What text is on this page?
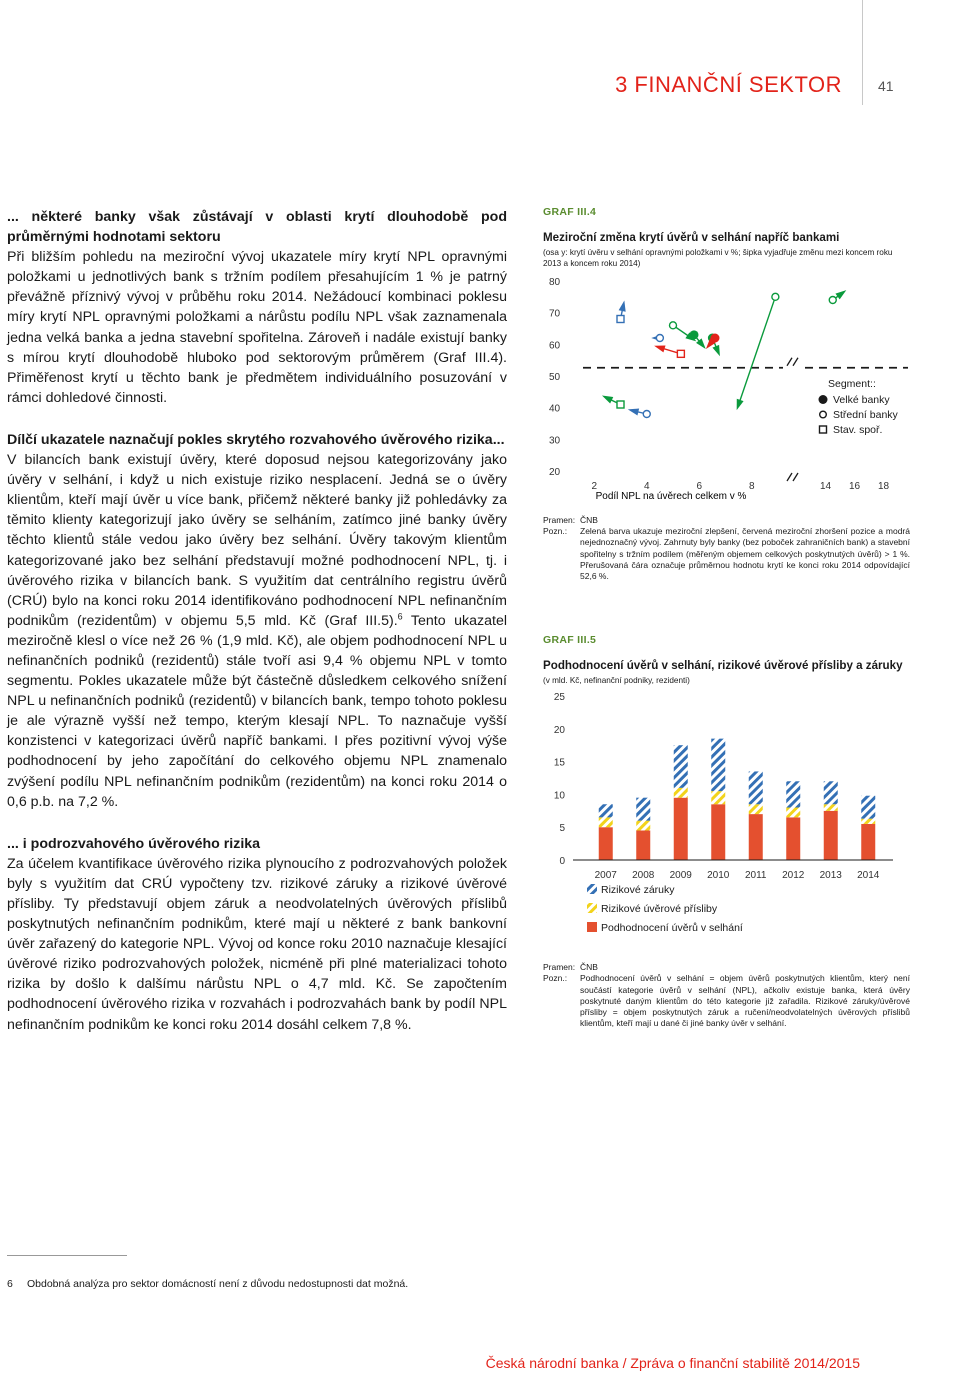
3 FINANČNÍ SEKTOR	41

... některé banky však zůstávají v oblasti krytí dlouhodobě pod průměrnými hodnotami sektoru

Při bližším pohledu na meziroční vývoj ukazatele míry krytí NPL opravnými položkami u jednotlivých bank s tržním podílem přesahujícím 1 % je patrný převážně příznivý vývoj v průběhu roku 2014. Nežádoucí kombinaci poklesu míry krytí NPL opravnými položkami a nárůstu podílu NPL však zaznamenala jedna velká banka a jedna stavební spořitelna. Zároveň i nadále existují banky s mírou krytí dlouhodobě hluboko pod sektorovým průměrem (Graf III.4). Přiměřenost krytí u těchto bank je předmětem individuálního posuzování v rámci dohledové činnosti.

Dílčí ukazatele naznačují pokles skrytého rozvahového úvěrového rizika...

V bilancích bank existují úvěry, které doposud nejsou kategorizovány jako úvěry v selhání, i když u nich existuje riziko nesplacení. Jedná se o úvěry klientům, kteří mají úvěr u více bank, přičemž některé banky již pohledávky za těmito klienty kategorizují jako úvěry se selháním, zatímco jiné banky úvěry těchto klientů stále vedou jako úvěry bez selhání. Úvěry takovým klientům kategorizované jako bez selhání představují možné podhodnocení NPL, tj. i úvěrového rizika v bilancích bank. S využitím dat centrálního registru úvěrů (CRÚ) bylo na konci roku 2014 identifikováno podhodnocení NPL nefinančním podnikům (rezidentům) v objemu 5,5 mld. Kč (Graf III.5).$^6$ Tento ukazatel meziročně klesl o více než 26 % (1,9 mld. Kč), ale objem podhodnocení NPL u nefinančních podniků (rezidentů) stále tvoří asi 9,4 % objemu NPL v tomto segmentu. Pokles ukazatele může být částečně důsledkem celkového snížení NPL u nefinančních podniků (rezidentů) v bilancích bank, tempo tohoto poklesu je ale výrazně vyšší než tempo, kterým klesají NPL. To naznačuje vyšší konzistenci v kategorizaci úvěrů napříč bankami. I přes pozitivní vývoj výše podhodnocení by jeho započítání do celkového objemu NPL znamenalo zvýšení podílu NPL nefinančním podnikům (rezidentům) na konci roku 2014 o 0,6 p.b. na 7,2 %.

... i podrozvahového úvěrového rizika

Za účelem kvantifikace úvěrového rizika plynoucího z podrozvahových položek byly s využitím dat CRÚ vypočteny tzv. rizikové záruky a rizikové úvěrové přísliby. Ty představují objem záruk a neodvolatelných úvěrových příslibů poskytnutých nefinančním podnikům, které mají u některé z bank bankovní úvěr zařazený do kategorie NPL. Vývoj od konce roku 2010 naznačuje klesající úvěrové riziko podrozvahových položek, nicméně při plné materializaci tohoto rizika by došlo k dalšímu nárůstu NPL o 4,7 mld. Kč. Se započtením podhodnocení úvěrového rizika v rozvahách i podrozvahách bank by podíl NPL nefinančním podnikům ke konci roku 2014 dosáhl celkem 7,8 %.

GRAF III.4
Meziroční změna krytí úvěrů v selhání napříč bankami
(osa y: krytí úvěru v selhání opravnými položkami v %; šipka vyjadřuje změnu mezi koncem roku 2013 a koncem roku 2014)
20
30
40
50
60
70
80
2	4	6	8	14 16 18
Segment::
Velké banky
Střední banky
Stav. spoř.
Podíl NPL na úvěrech celkem v %
Pramen:	ČNB
Pozn.:	Zelená barva ukazuje meziroční zlepšení, červená meziroční zhoršení pozice a modrá nejednoznačný vývoj. Zahrnuty byly banky (bez poboček zahraničních bank) a stavební spořitelny s tržním podílem (měřeným objemem celkových poskytnutých úvěrů) > 1 %. Přerušovaná čára označuje průměrnou hodnotu krytí ke konci roku 2014 odpovídající 52,6 %.
GRAF III.5
Podhodnocení úvěrů v selhání, rizikové úvěrové přísliby a záruky
(v mld. Kč, nefinanční podniky, rezidenti)
0
5
10
15
20
25
2007 2008 2009 2010 2011 2012 2013 2014
Rizikové záruky
Rizikové úvěrové přísliby
Podhodnocení úvěrů v selhání
Pramen:	ČNB
Pozn.:	Podhodnocení úvěrů v selhání = objem úvěrů poskytnutých klientům, který není součástí kategorie úvěrů v selhání (NPL), ačkoliv existuje banka, která úvěry poskytnuté daným klientům do této kategorie již zařadila. Rizikové záruky/úvěrové přísliby = objem poskytnutých záruk a ručení/neodvolatelných úvěrových příslibů klientům, kteří mají u dané či jiné banky úvěr v selhání.
6 Obdobná analýza pro sektor domácností není z důvodu nedostupnosti dat možná.
Česká národní banka / Zpráva o finanční stabilitě 2014/2015
